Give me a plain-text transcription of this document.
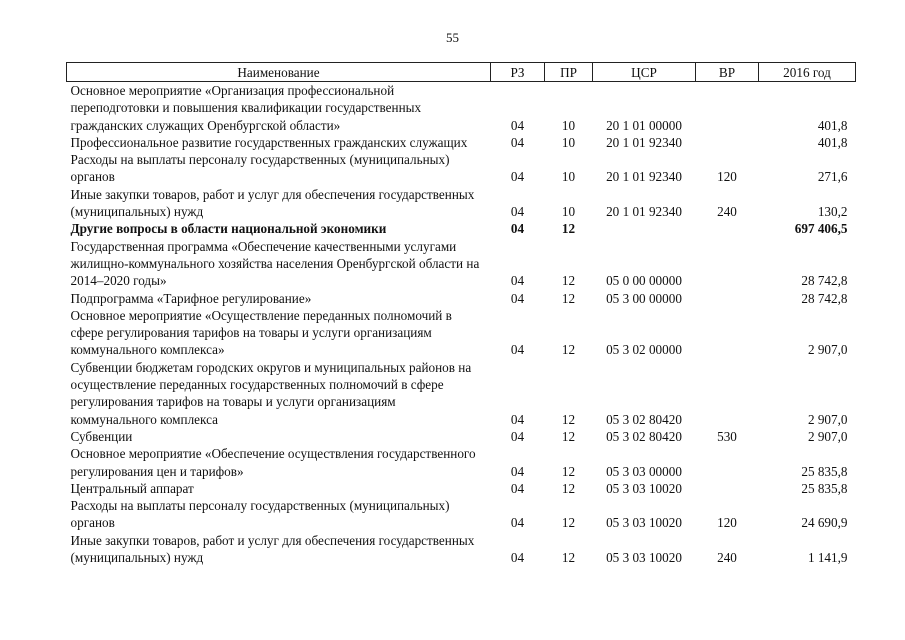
55
Наименование	РЗ	ПР	ЦСР	ВР	2016 год
Основное мероприятие «Организация профессиональной переподготовки и повышения квалификации государственных гражданских служащих Оренбургской области»	04	10	20 1 01 00000		401,8
Профессиональное развитие государственных гражданских служащих	04	10	20 1 01 92340		401,8
Расходы на выплаты персоналу государственных (муниципальных) органов	04	10	20 1 01 92340	120	271,6
Иные закупки товаров, работ и услуг для обеспечения государственных (муниципальных) нужд	04	10	20 1 01 92340	240	130,2
Другие вопросы в области национальной экономики	04	12			697 406,5
Государственная программа «Обеспечение качественными услугами жилищно-коммунального хозяйства населения Оренбургской области на 2014–2020 годы»	04	12	05 0 00 00000		28 742,8
Подпрограмма «Тарифное регулирование»	04	12	05 3 00 00000		28 742,8
Основное мероприятие «Осуществление переданных полномочий в сфере регулирования тарифов на товары и услуги организациям коммунального комплекса»	04	12	05 3 02 00000		2 907,0
Субвенции бюджетам городских округов и муниципальных районов на осуществление переданных государственных полномочий в сфере регулирования тарифов на товары и услуги организациям коммунального комплекса	04	12	05 3 02 80420		2 907,0
Субвенции	04	12	05 3 02 80420	530	2 907,0
Основное мероприятие «Обеспечение осуществления государственного регулирования цен и тарифов»	04	12	05 3 03 00000		25 835,8
Центральный аппарат	04	12	05 3 03 10020		25 835,8
Расходы на выплаты персоналу государственных (муниципальных) органов	04	12	05 3 03 10020	120	24 690,9
Иные закупки товаров, работ и услуг для обеспечения государственных (муниципальных) нужд	04	12	05 3 03 10020	240	1 141,9
